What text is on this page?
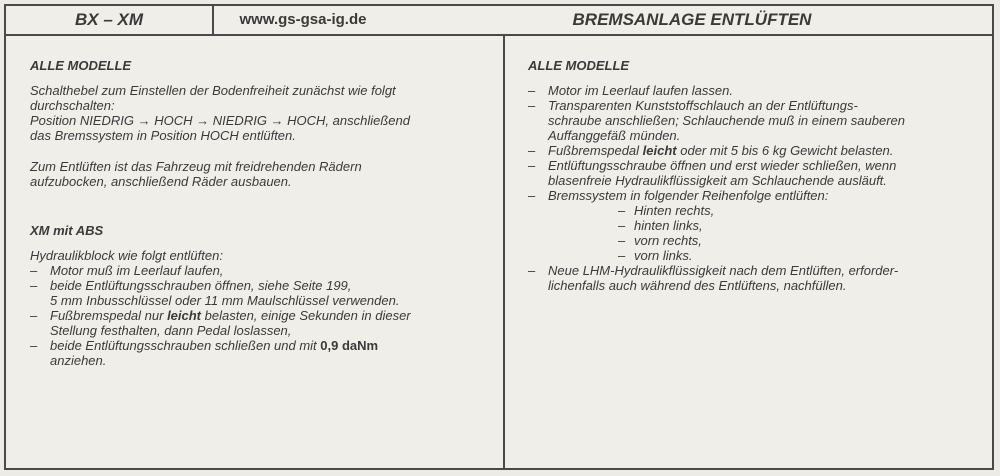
BX – XM	www.gs-gsa-ig.de	BREMSANLAGE ENTLÜFTEN
ALLE MODELLE
Schalthebel zum Einstellen der Bodenfreiheit zunächst wie folgt
durchschalten:
Position NIEDRIG → HOCH → NIEDRIG → HOCH, anschließend
das Bremssystem in Position HOCH entlüften.
Zum Entlüften ist das Fahrzeug mit freidrehenden Rädern
aufzubocken, anschließend Räder ausbauen.
XM mit ABS
Hydraulikblock wie folgt entlüften:
– Motor muß im Leerlauf laufen,
– beide Entlüftungsschrauben öffnen, siehe Seite 199,
5 mm Inbusschlüssel oder 11 mm Maulschlüssel verwenden.
– Fußbremspedal nur leicht belasten, einige Sekunden in dieser
Stellung festhalten, dann Pedal loslassen,
– beide Entlüftungsschrauben schließen und mit 0,9 daNm
anziehen.
ALLE MODELLE
– Motor im Leerlauf laufen lassen.
– Transparenten Kunststoffschlauch an der Entlüftungs-
schraube anschließen; Schlauchende muß in einem sauberen
Auffanggefäß münden.
– Fußbremspedal leicht oder mit 5 bis 6 kg Gewicht belasten.
– Entlüftungsschraube öffnen und erst wieder schließen, wenn
blasenfreie Hydraulikflüssigkeit am Schlauchende ausläuft.
– Bremssystem in folgender Reihenfolge entlüften:
– Hinten rechts,
– hinten links,
– vorn rechts,
– vorn links.
– Neue LHM-Hydraulikflüssigkeit nach dem Entlüften, erforder-
lichenfalls auch während des Entlüftens, nachfüllen.
